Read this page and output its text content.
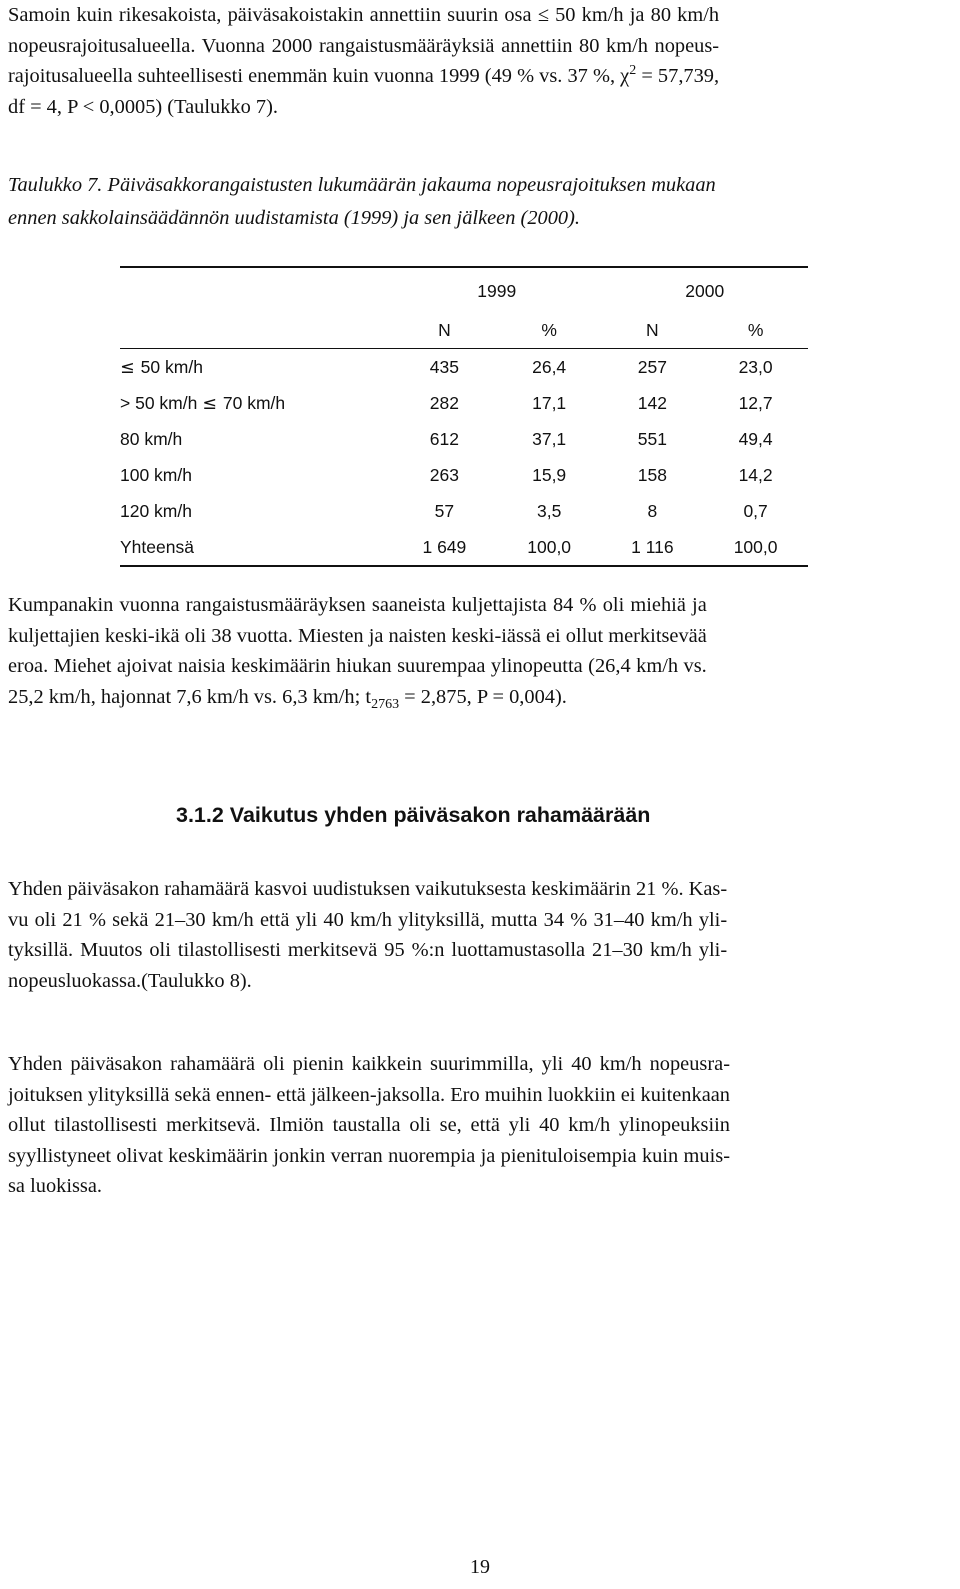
Samoin kuin rikesakoista, päiväsakoistakin annettiin suurin osa ≤ 50 km/h ja 80 km/h
nopeusrajoitusalueella. Vuonna 2000 rangaistusmääräyksiä annettiin 80 km/h nopeus-
rajoitusalueella suhteellisesti enemmän kuin vuonna 1999 (49 % vs. 37 %, $\chi^2 = 57,739$,
df = 4, P < 0,0005) (Taulukko 7).

Taulukko 7. Päiväsakkorangaistusten lukumäärän jakauma nopeusrajoituksen mukaan
ennen sakkolainsäädännön uudistamista (1999) ja sen jälkeen (2000).
	1999		2000	
	N	%	N	%
≤ 50 km/h	435	26,4	257	23,0
> 50 km/h ≤ 70 km/h	282	17,1	142	12,7
80 km/h	612	37,1	551	49,4
100 km/h	263	15,9	158	14,2
120 km/h	57	3,5	8	0,7
Yhteensä	1 649	100,0	1 116	100,0

Kumpanakin vuonna rangaistusmääräyksen saaneista kuljettajista 84 % oli miehiä ja
kuljettajien keski-ikä oli 38 vuotta. Miesten ja naisten keski-iässä ei ollut merkitsevää
eroa. Miehet ajoivat naisia keskimäärin hiukan suurempaa ylinopeutta (26,4 km/h vs.
25,2 km/h, hajonnat 7,6 km/h vs. 6,3 km/h; $t_{2763} = 2,875$, P = 0,004).

3.1.2 Vaikutus yhden päiväsakon rahamäärään

Yhden päiväsakon rahamäärä kasvoi uudistuksen vaikutuksesta keskimäärin 21 %. Kas-
vu oli 21 % sekä 21–30 km/h että yli 40 km/h ylityksillä, mutta 34 % 31–40 km/h yli-
tyksillä. Muutos oli tilastollisesti merkitsevä 95 %:n luottamustasolla 21–30 km/h yli-
nopeusluokassa.(Taulukko 8).

Yhden päiväsakon rahamäärä oli pienin kaikkein suurimmilla, yli 40 km/h nopeusra-
joituksen ylityksillä sekä ennen- että jälkeen-jaksolla. Ero muihin luokkiin ei kuitenkaan
ollut tilastollisesti merkitsevä. Ilmiön taustalla oli se, että yli 40 km/h ylinopeuksiin
syyllistyneet olivat keskimäärin jonkin verran nuorempia ja pienituloisempia kuin muis-
sa luokissa.

19
